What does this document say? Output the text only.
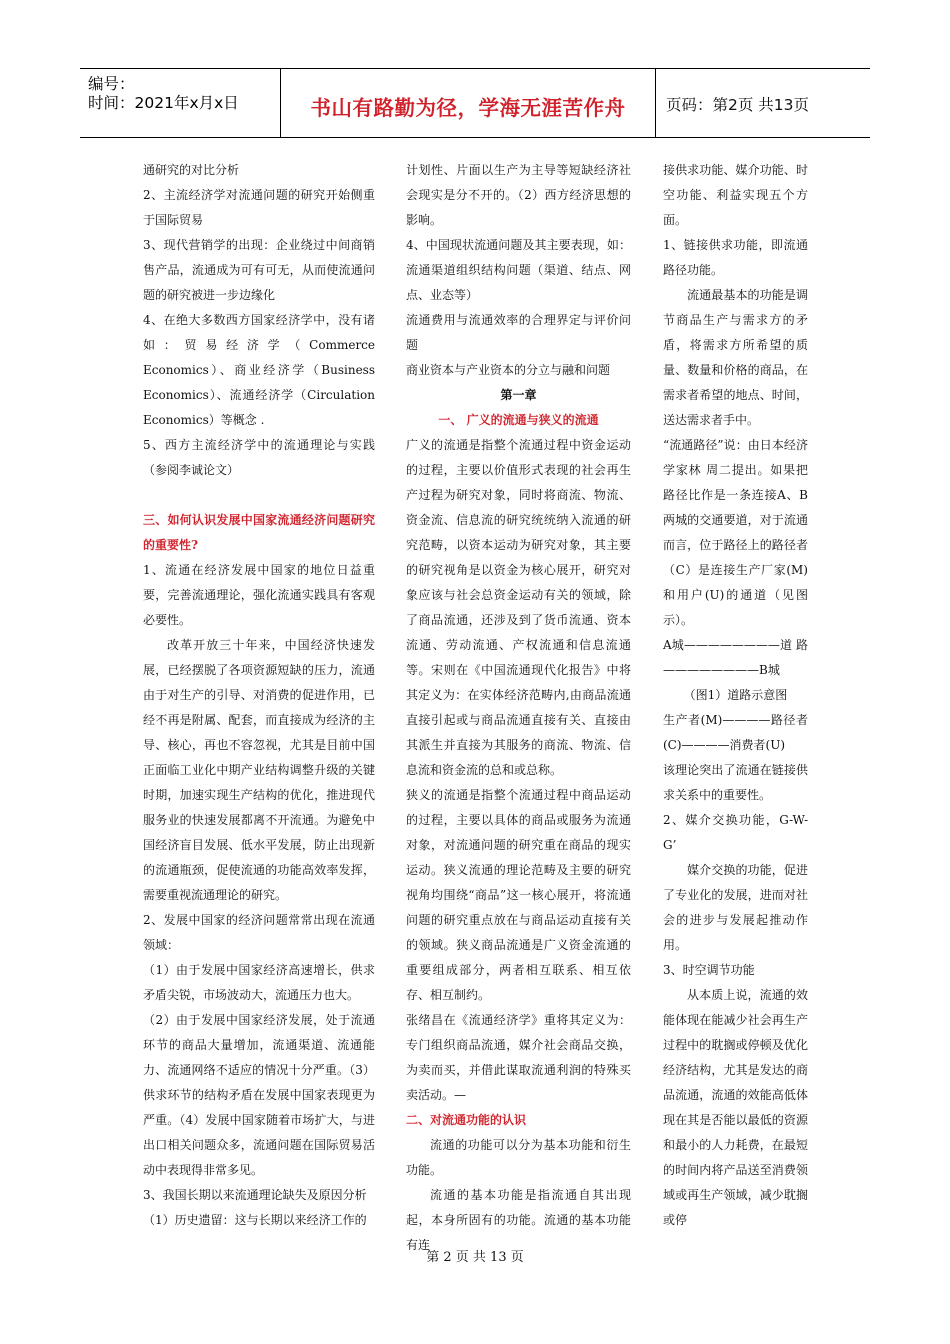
编号：
时间：2021年x月x日	书山有路勤为径，学海无涯苦作舟	页码：第2页 共13页

通研究的对比分析

2、主流经济学对流通问题的研究开始侧重于国际贸易

3、现代营销学的出现：企业绕过中间商销售产品，流通成为可有可无，从而使流通问题的研究被进一步边缘化

4、在绝大多数西方国家经济学中，没有诸如：贸易经济学（Commerce Economics）、商业经济学（Business Economics）、流通经济学（Circulation Economics）等概念 .

5、西方主流经济学中的流通理论与实践（参阅李诚论文）

三、如何认识发展中国家流通经济问题研究的重要性?

1、流通在经济发展中国家的地位日益重要，完善流通理论，强化流通实践具有客观必要性。

改革开放三十年来，中国经济快速发展，已经摆脱了各项资源短缺的压力，流通由于对生产的引导、对消费的促进作用，已经不再是附属、配套，而直接成为经济的主导、核心，再也不容忽视，尤其是目前中国正面临工业化中期产业结构调整升级的关键时期，加速实现生产结构的优化，推进现代服务业的快速发展都离不开流通。为避免中国经济盲目发展、低水平发展，防止出现新的流通瓶颈，促使流通的功能高效率发挥，需要重视流通理论的研究。

2、发展中国家的经济问题常常出现在流通领域：

（1）由于发展中国家经济高速增长，供求矛盾尖锐，市场波动大，流通压力也大。

（2）由于发展中国家经济发展，处于流通环节的商品大量增加，流通渠道、流通能力、流通网络不适应的情况十分严重。（3）供求环节的结构矛盾在发展中国家表现更为严重。（4）发展中国家随着市场扩大，与进出口相关问题众多，流通问题在国际贸易活动中表现得非常多见。

3、我国长期以来流通理论缺失及原因分析

（1）历史遗留：这与长期以来经济工作的

计划性、片面以生产为主导等短缺经济社会现实是分不开的。（2）西方经济思想的影响。

4、中国现状流通问题及其主要表现，如：流通渠道组织结构问题（渠道、结点、网点、业态等）

流通费用与流通效率的合理界定与评价问题

商业资本与产业资本的分立与融和问题

第一章

一、 广义的流通与狭义的流通

广义的流通是指整个流通过程中资金运动的过程，主要以价值形式表现的社会再生产过程为研究对象，同时将商流、物流、资金流、信息流的研究统统纳入流通的研究范畴，以资本运动为研究对象，其主要的研究视角是以资金为核心展开，研究对象应该与社会总资金运动有关的领域，除了商品流通，还涉及到了货币流通、资本流通、劳动流通、产权流通和信息流通等。宋则在《中国流通现代化报告》中将其定义为：在实体经济范畴内,由商品流通直接引起或与商品流通直接有关、直接由其派生并直接为其服务的商流、物流、信息流和资金流的总和或总称。

狭义的流通是指整个流通过程中商品运动的过程，主要以具体的商品或服务为流通对象，对流通问题的研究重在商品的现实运动。狭义流通的理论范畴及主要的研究视角均围绕“商品”这一核心展开，将流通问题的研究重点放在与商品运动直接有关的领域。狭义商品流通是广义资金流通的重要组成部分，两者相互联系、相互依存、相互制约。

张绪昌在《流通经济学》重将其定义为：专门组织商品流通，媒介社会商品交换，为卖而买，并借此谋取流通利润的特殊买卖活动。—

二、对流通功能的认识

流通的功能可以分为基本功能和衍生功能。

流通的基本功能是指流通自其出现起，本身所固有的功能。流通的基本功能有连

接供求功能、媒介功能、时空功能、利益实现五个方面。

1、链接供求功能，即流通路径功能。

流通最基本的功能是调节商品生产与需求方的矛盾，将需求方所希望的质量、数量和价格的商品，在需求者希望的地点、时间，送达需求者手中。

“流通路径”说：由日本经济学家林 周二提出。如果把路径比作是一条连接A、B两城的交通要道，对于流通而言，位于路径上的路径者（C）是连接生产厂家(M)和用户(U)的通道（见图示）。

A城————————道 路————————B城

（图1）道路示意图

生产者(M)————路径者(C)————消费者(U)

该理论突出了流通在链接供求关系中的重要性。

2、媒介交换功能，G-W-G’

媒介交换的功能，促进了专业化的发展，进而对社会的进步与发展起推动作用。

3、时空调节功能

从本质上说，流通的效能体现在能减少社会再生产过程中的耽搁或停顿及优化经济结构，尤其是发达的商品流通，流通的效能高低体现在其是否能以最低的资源和最小的人力耗费，在最短的时间内将产品送至消费领域或再生产领域，减少耽搁或停

第 2 页 共 13 页
